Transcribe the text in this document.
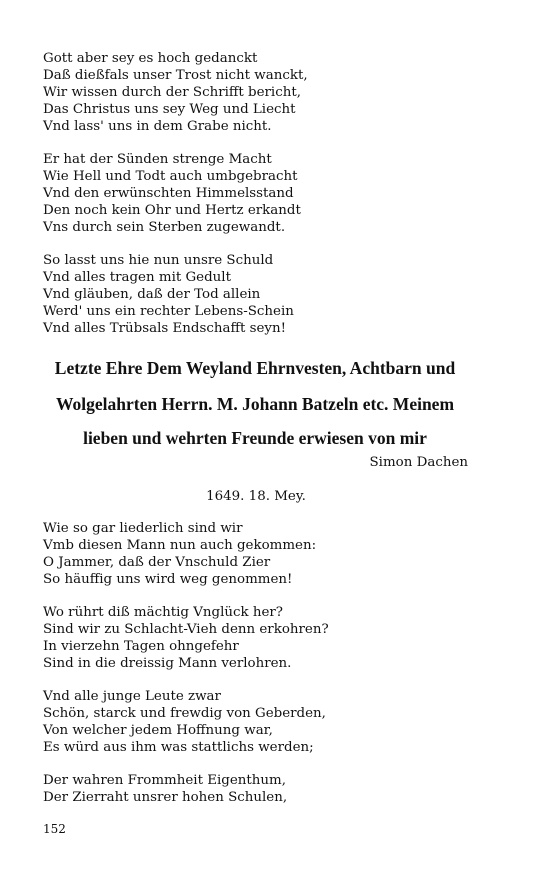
Gott aber sey es hoch gedanckt
Daß dießfals unser Trost nicht wanckt,
Wir wissen durch der Schrifft bericht,
Das Christus uns sey Weg und Liecht
Vnd lass' uns in dem Grabe nicht.
Er hat der Sünden strenge Macht
Wie Hell und Todt auch umbgebracht
Vnd den erwünschten Himmelsstand
Den noch kein Ohr und Hertz erkandt
Vns durch sein Sterben zugewandt.
So lasst uns hie nun unsre Schuld
Vnd alles tragen mit Gedult
Vnd gläuben, daß der Tod allein
Werd' uns ein rechter Lebens-Schein
Vnd alles Trübsals Endschafft seyn!
Letzte Ehre Dem Weyland Ehrnvesten, Achtbarn und
Wolgelahrten Herrn. M. Johann Batzeln etc. Meinem
lieben und wehrten Freunde erwiesen von mir
Simon Dachen
1649. 18. Mey.
Wie so gar liederlich sind wir
Vmb diesen Mann nun auch gekommen:
O Jammer, daß der Vnschuld Zier
So häuffig uns wird weg genommen!
Wo rührt diß mächtig Vnglück her?
Sind wir zu Schlacht-Vieh denn erkohren?
In vierzehn Tagen ohngefehr
Sind in die dreissig Mann verlohren.
Vnd alle junge Leute zwar
Schön, starck und frewdig von Geberden,
Von welcher jedem Hoffnung war,
Es würd aus ihm was stattlichs werden;
Der wahren Frommheit Eigenthum,
Der Zierraht unsrer hohen Schulen,
152
